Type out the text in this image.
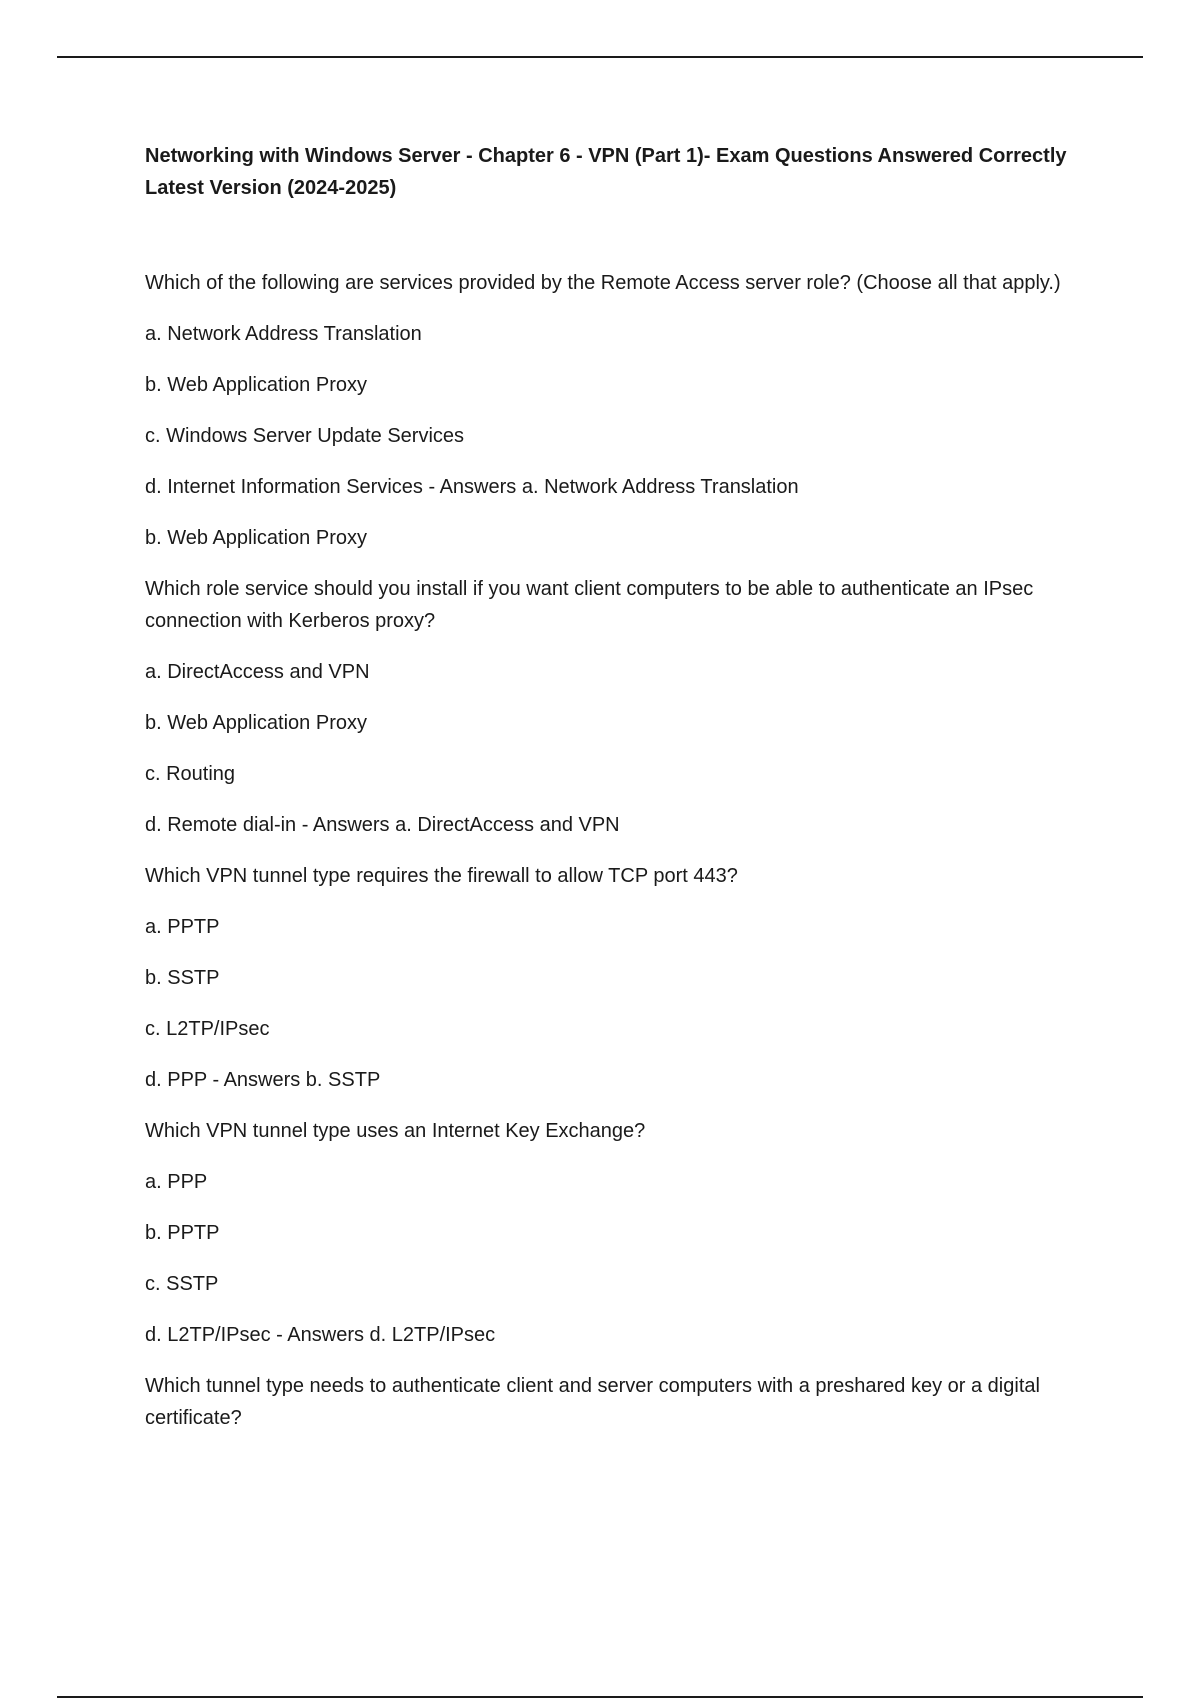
Networking with Windows Server - Chapter 6 - VPN (Part 1)- Exam Questions Answered Correctly Latest Version (2024-2025)

Which of the following are services provided by the Remote Access server role? (Choose all that apply.)

a. Network Address Translation

b. Web Application Proxy

c. Windows Server Update Services

d. Internet Information Services - Answers a. Network Address Translation

b. Web Application Proxy

Which role service should you install if you want client computers to be able to authenticate an IPsec connection with Kerberos proxy?

a. DirectAccess and VPN

b. Web Application Proxy

c. Routing

d. Remote dial-in - Answers a. DirectAccess and VPN

Which VPN tunnel type requires the firewall to allow TCP port 443?

a. PPTP

b. SSTP

c. L2TP/IPsec

d. PPP - Answers b. SSTP

Which VPN tunnel type uses an Internet Key Exchange?

a. PPP

b. PPTP

c. SSTP

d. L2TP/IPsec - Answers d. L2TP/IPsec

Which tunnel type needs to authenticate client and server computers with a preshared key or a digital certificate?
